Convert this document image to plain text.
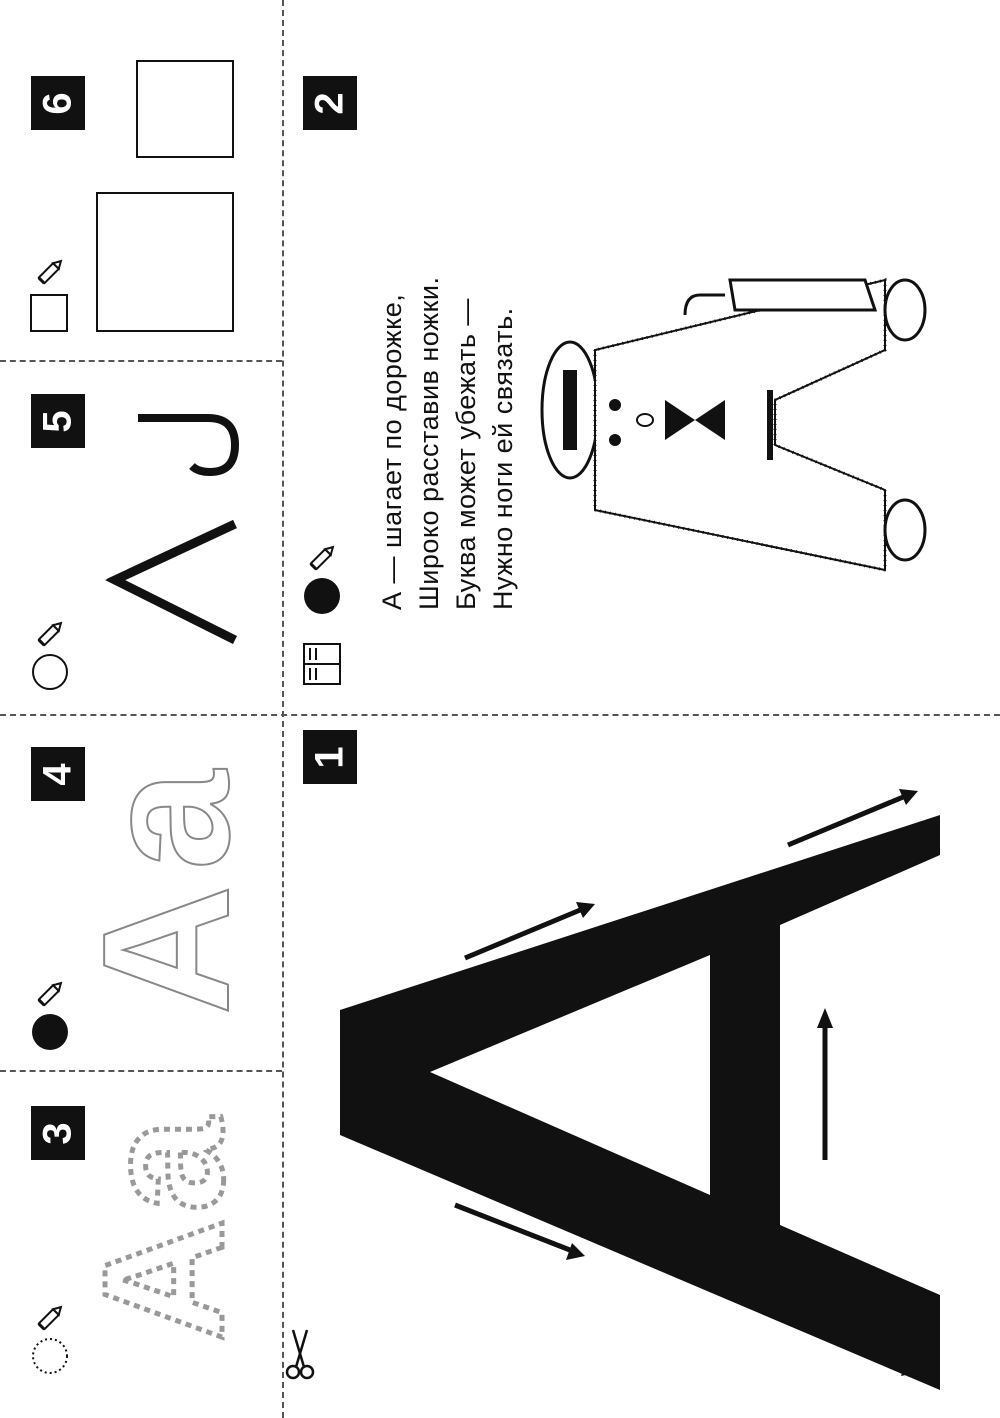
3
4
5
6
1
2
А
а
А
а
А	А — шагает по дорожке, Широко расставив ножки. Буква может убежать — Нужно ноги ей связать.
